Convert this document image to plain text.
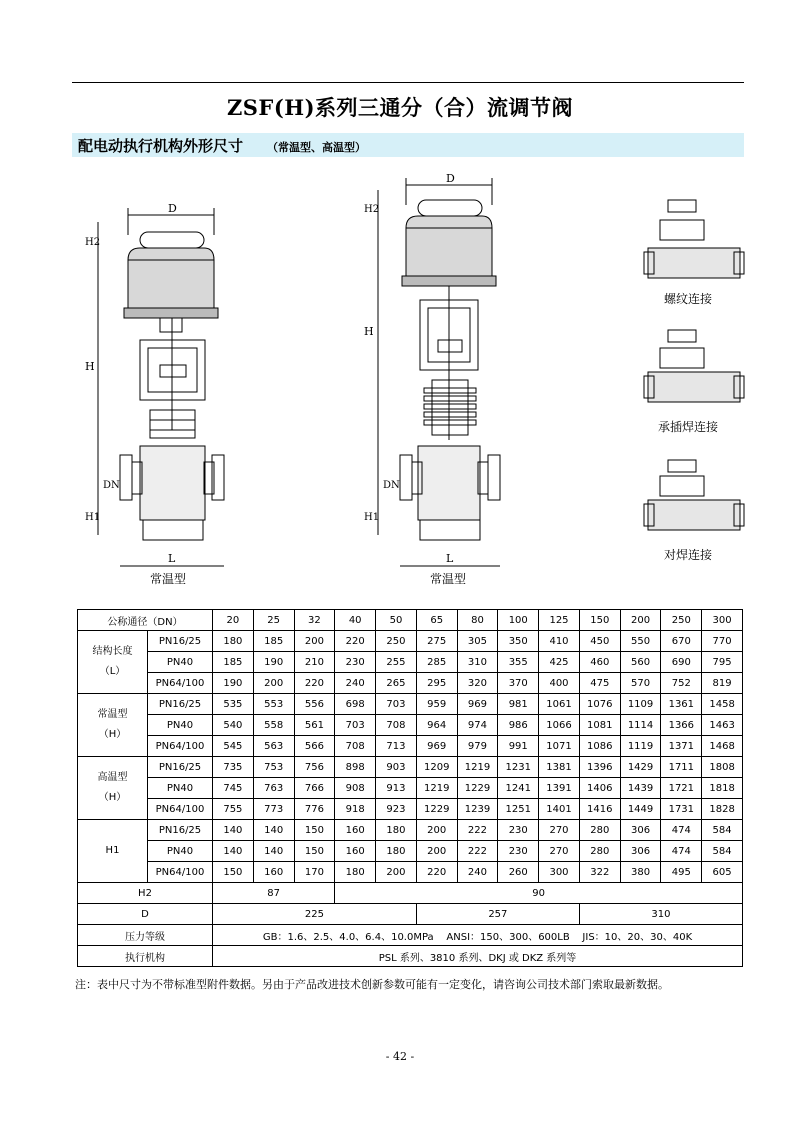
ZSF(H)系列三通分（合）流调节阀
配电动执行机构外形尺寸 （常温型、高温型）
D
H2
H
H1
DN
L
D
H2
H
H1
DN
L
常温型	常温型
螺纹连接
承插焊连接
对焊连接
公称通径（DN）		20	25	32	40	50	65	80	100	125	150	200	250	300

结构长度
（L）	PN16/25	180	185	200	220	250	275	305	350	410	450	550	670	770
	PN40	185	190	210	230	255	285	310	355	425	460	560	690	795
	PN64/100	190	200	220	240	265	295	320	370	400	475	570	752	819

常温型
（H）	PN16/25	535	553	556	698	703	959	969	981	1061	1076	1109	1361	1458
	PN40	540	558	561	703	708	964	974	986	1066	1081	1114	1366	1463
	PN64/100	545	563	566	708	713	969	979	991	1071	1086	1119	1371	1468

高温型
（H）	PN16/25	735	753	756	898	903	1209	1219	1231	1381	1396	1429	1711	1808
	PN40	745	763	766	908	913	1219	1229	1241	1391	1406	1439	1721	1818
	PN64/100	755	773	776	918	923	1229	1239	1251	1401	1416	1449	1731	1828

H1	PN16/25	140	140	150	160	180	200	222	230	270	280	306	474	584
	PN40	140	140	150	160	180	200	222	230	270	280	306	474	584
	PN64/100	150	160	170	180	200	220	240	260	300	322	380	495	605
H2		87			90									
D		225					257				310			
压力等级		GB：1.6、2.5、4.0、6.4、10.0MPa    ANSI：150、300、600LB    JIS：10、20、30、40K												
执行机构		PSL 系列、3810 系列、DKJ 或 DKZ 系列等												
注：表中尺寸为不带标准型附件数据。另由于产品改进技术创新参数可能有一定变化，请咨询公司技术部门索取最新数据。
- 42 -
